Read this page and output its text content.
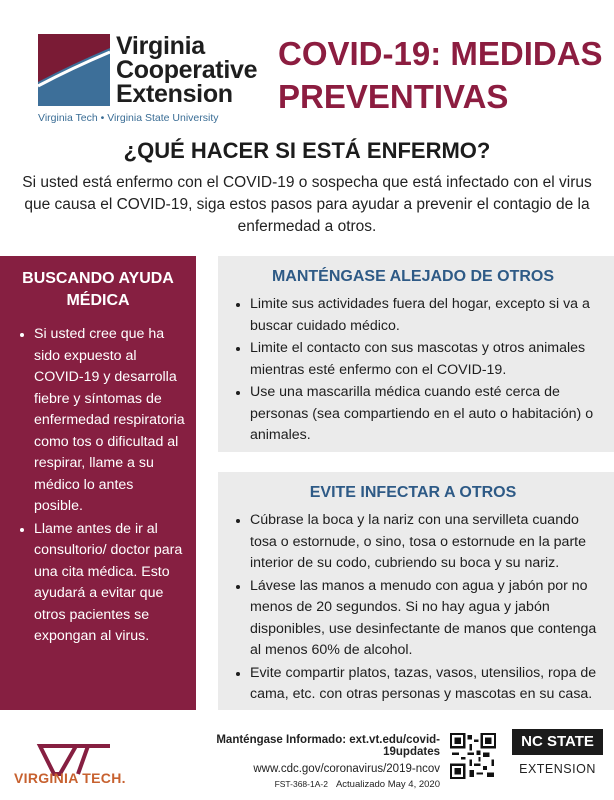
Virginia
Cooperative
Extension
Virginia Tech • Virginia State University
COVID-19: MEDIDAS
PREVENTIVAS
¿QUÉ HACER SI ESTÁ ENFERMO?
Si usted está enfermo con el COVID-19 o sospecha que está infectado con el virus que causa el COVID-19, siga estos pasos para ayudar a prevenir el contagio de la enfermedad a otros.
BUSCANDO AYUDA MÉDICA
• Si usted cree que ha sido expuesto al COVID-19 y desarrolla fiebre y síntomas de enfermedad respiratoria como tos o dificultad al respirar, llame a su médico lo antes posible.
• Llame antes de ir al consultorio/ doctor para una cita médica. Esto ayudará a evitar que otros pacientes se expongan al virus.
MANTÉNGASE ALEJADO DE OTROS
• Limite sus actividades fuera del hogar, excepto si va a buscar cuidado médico.
• Limite el contacto con sus mascotas y otros animales mientras esté enfermo con el COVID-19.
• Use una mascarilla médica cuando esté cerca de personas (sea compartiendo en el auto o habitación) o animales.
EVITE INFECTAR A OTROS
• Cúbrase la boca y la nariz con una servilleta cuando tosa o estornude, o sino, tosa o estornude en la parte interior de su codo, cubriendo su boca y su nariz.
• Lávese las manos a menudo con agua y jabón por no menos de 20 segundos. Si no hay agua y jabón disponibles, use desinfectante de manos que contenga al menos 60% de alcohol.
• Evite compartir platos, tazas, vasos, utensilios, ropa de cama, etc. con otras personas y mascotas en su casa.
VIRGINIA TECH.
Manténgase Informado: ext.vt.edu/covid-19updates
www.cdc.gov/coronavirus/2019-ncov
FST-368-1A-2 Actualizado May 4, 2020
NC STATE
EXTENSION
